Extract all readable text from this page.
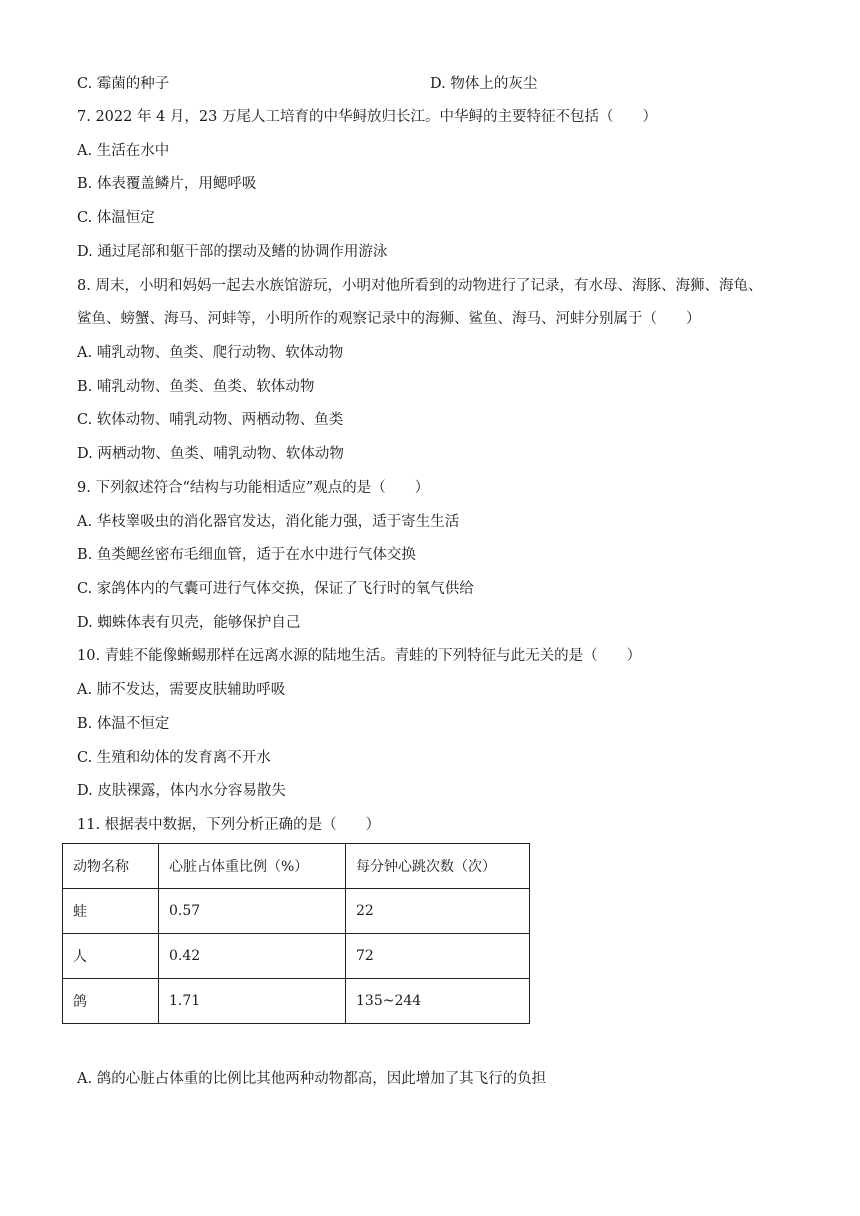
C. 霉菌的种子	D. 物体上的灰尘
7. 2022 年 4 月，23 万尾人工培育的中华鲟放归长江。中华鲟的主要特征不包括（　　）
A. 生活在水中
B. 体表覆盖鳞片，用鳃呼吸
C. 体温恒定
D. 通过尾部和躯干部的摆动及鳍的协调作用游泳
8. 周末，小明和妈妈一起去水族馆游玩，小明对他所看到的动物进行了记录，有水母、海豚、海狮、海龟、
鲨鱼、螃蟹、海马、河蚌等，小明所作的观察记录中的海狮、鲨鱼、海马、河蚌分别属于（　　）
A. 哺乳动物、鱼类、爬行动物、软体动物
B. 哺乳动物、鱼类、鱼类、软体动物
C. 软体动物、哺乳动物、两栖动物、鱼类
D. 两栖动物、鱼类、哺乳动物、软体动物
9. 下列叙述符合“结构与功能相适应”观点的是（　　）
A. 华枝睾吸虫的消化器官发达，消化能力强，适于寄生生活
B. 鱼类鳃丝密布毛细血管，适于在水中进行气体交换
C. 家鸽体内的气囊可进行气体交换，保证了飞行时的氧气供给
D. 蜘蛛体表有贝壳，能够保护自己
10. 青蛙不能像蜥蜴那样在远离水源的陆地生活。青蛙的下列特征与此无关的是（　　）
A. 肺不发达，需要皮肤辅助呼吸
B. 体温不恒定
C. 生殖和幼体的发育离不开水
D. 皮肤裸露，体内水分容易散失
11. 根据表中数据，下列分析正确的是（　　）
动物名称	心脏占体重比例（%）	每分钟心跳次数（次）
蛙	0.57	22
人	0.42	72
鸽	1.71	135~244
A. 鸽的心脏占体重的比例比其他两种动物都高，因此增加了其飞行的负担
